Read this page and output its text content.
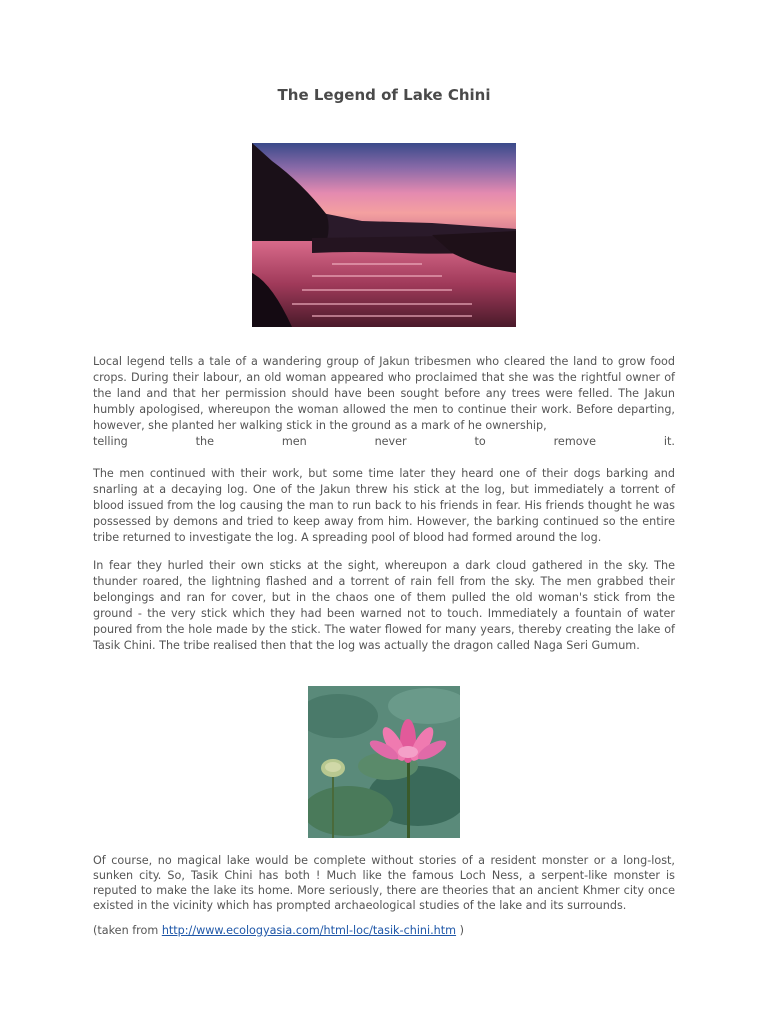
The Legend of Lake Chini
Local legend tells a tale of a wandering group of Jakun tribesmen who cleared the land to grow food crops. During their labour, an old woman appeared who proclaimed that she was the rightful owner of the land and that her permission should have been sought before any trees were felled. The Jakun humbly apologised, whereupon the woman allowed the men to continue their work. Before departing, however, she planted her walking stick in the ground as a mark of he ownership,
telling	the	men	never	to	remove	it.
The men continued with their work, but some time later they heard one of their dogs barking and snarling at a decaying log. One of the Jakun threw his stick at the log, but immediately a torrent of blood issued from the log causing the man to run back to his friends in fear. His friends thought he was possessed by demons and tried to keep away from him. However, the barking continued so the entire tribe returned to investigate the log. A spreading pool of blood had formed around the log.
In fear they hurled their own sticks at the sight, whereupon a dark cloud gathered in the sky. The thunder roared, the lightning flashed and a torrent of rain fell from the sky. The men grabbed their belongings and ran for cover, but in the chaos one of them pulled the old woman's stick from the ground - the very stick which they had been warned not to touch. Immediately a fountain of water poured from the hole made by the stick. The water flowed for many years, thereby creating the lake of Tasik Chini. The tribe realised then that the log was actually the dragon called Naga Seri Gumum.
Of course, no magical lake would be complete without stories of a resident monster or a long-lost, sunken city. So, Tasik Chini has both ! Much like the famous Loch Ness, a serpent-like monster is reputed to make the lake its home. More seriously, there are theories that an ancient Khmer city once existed in the vicinity which has prompted archaeological studies of the lake and its surrounds.
(taken from http://www.ecologyasia.com/html-loc/tasik-chini.htm )
